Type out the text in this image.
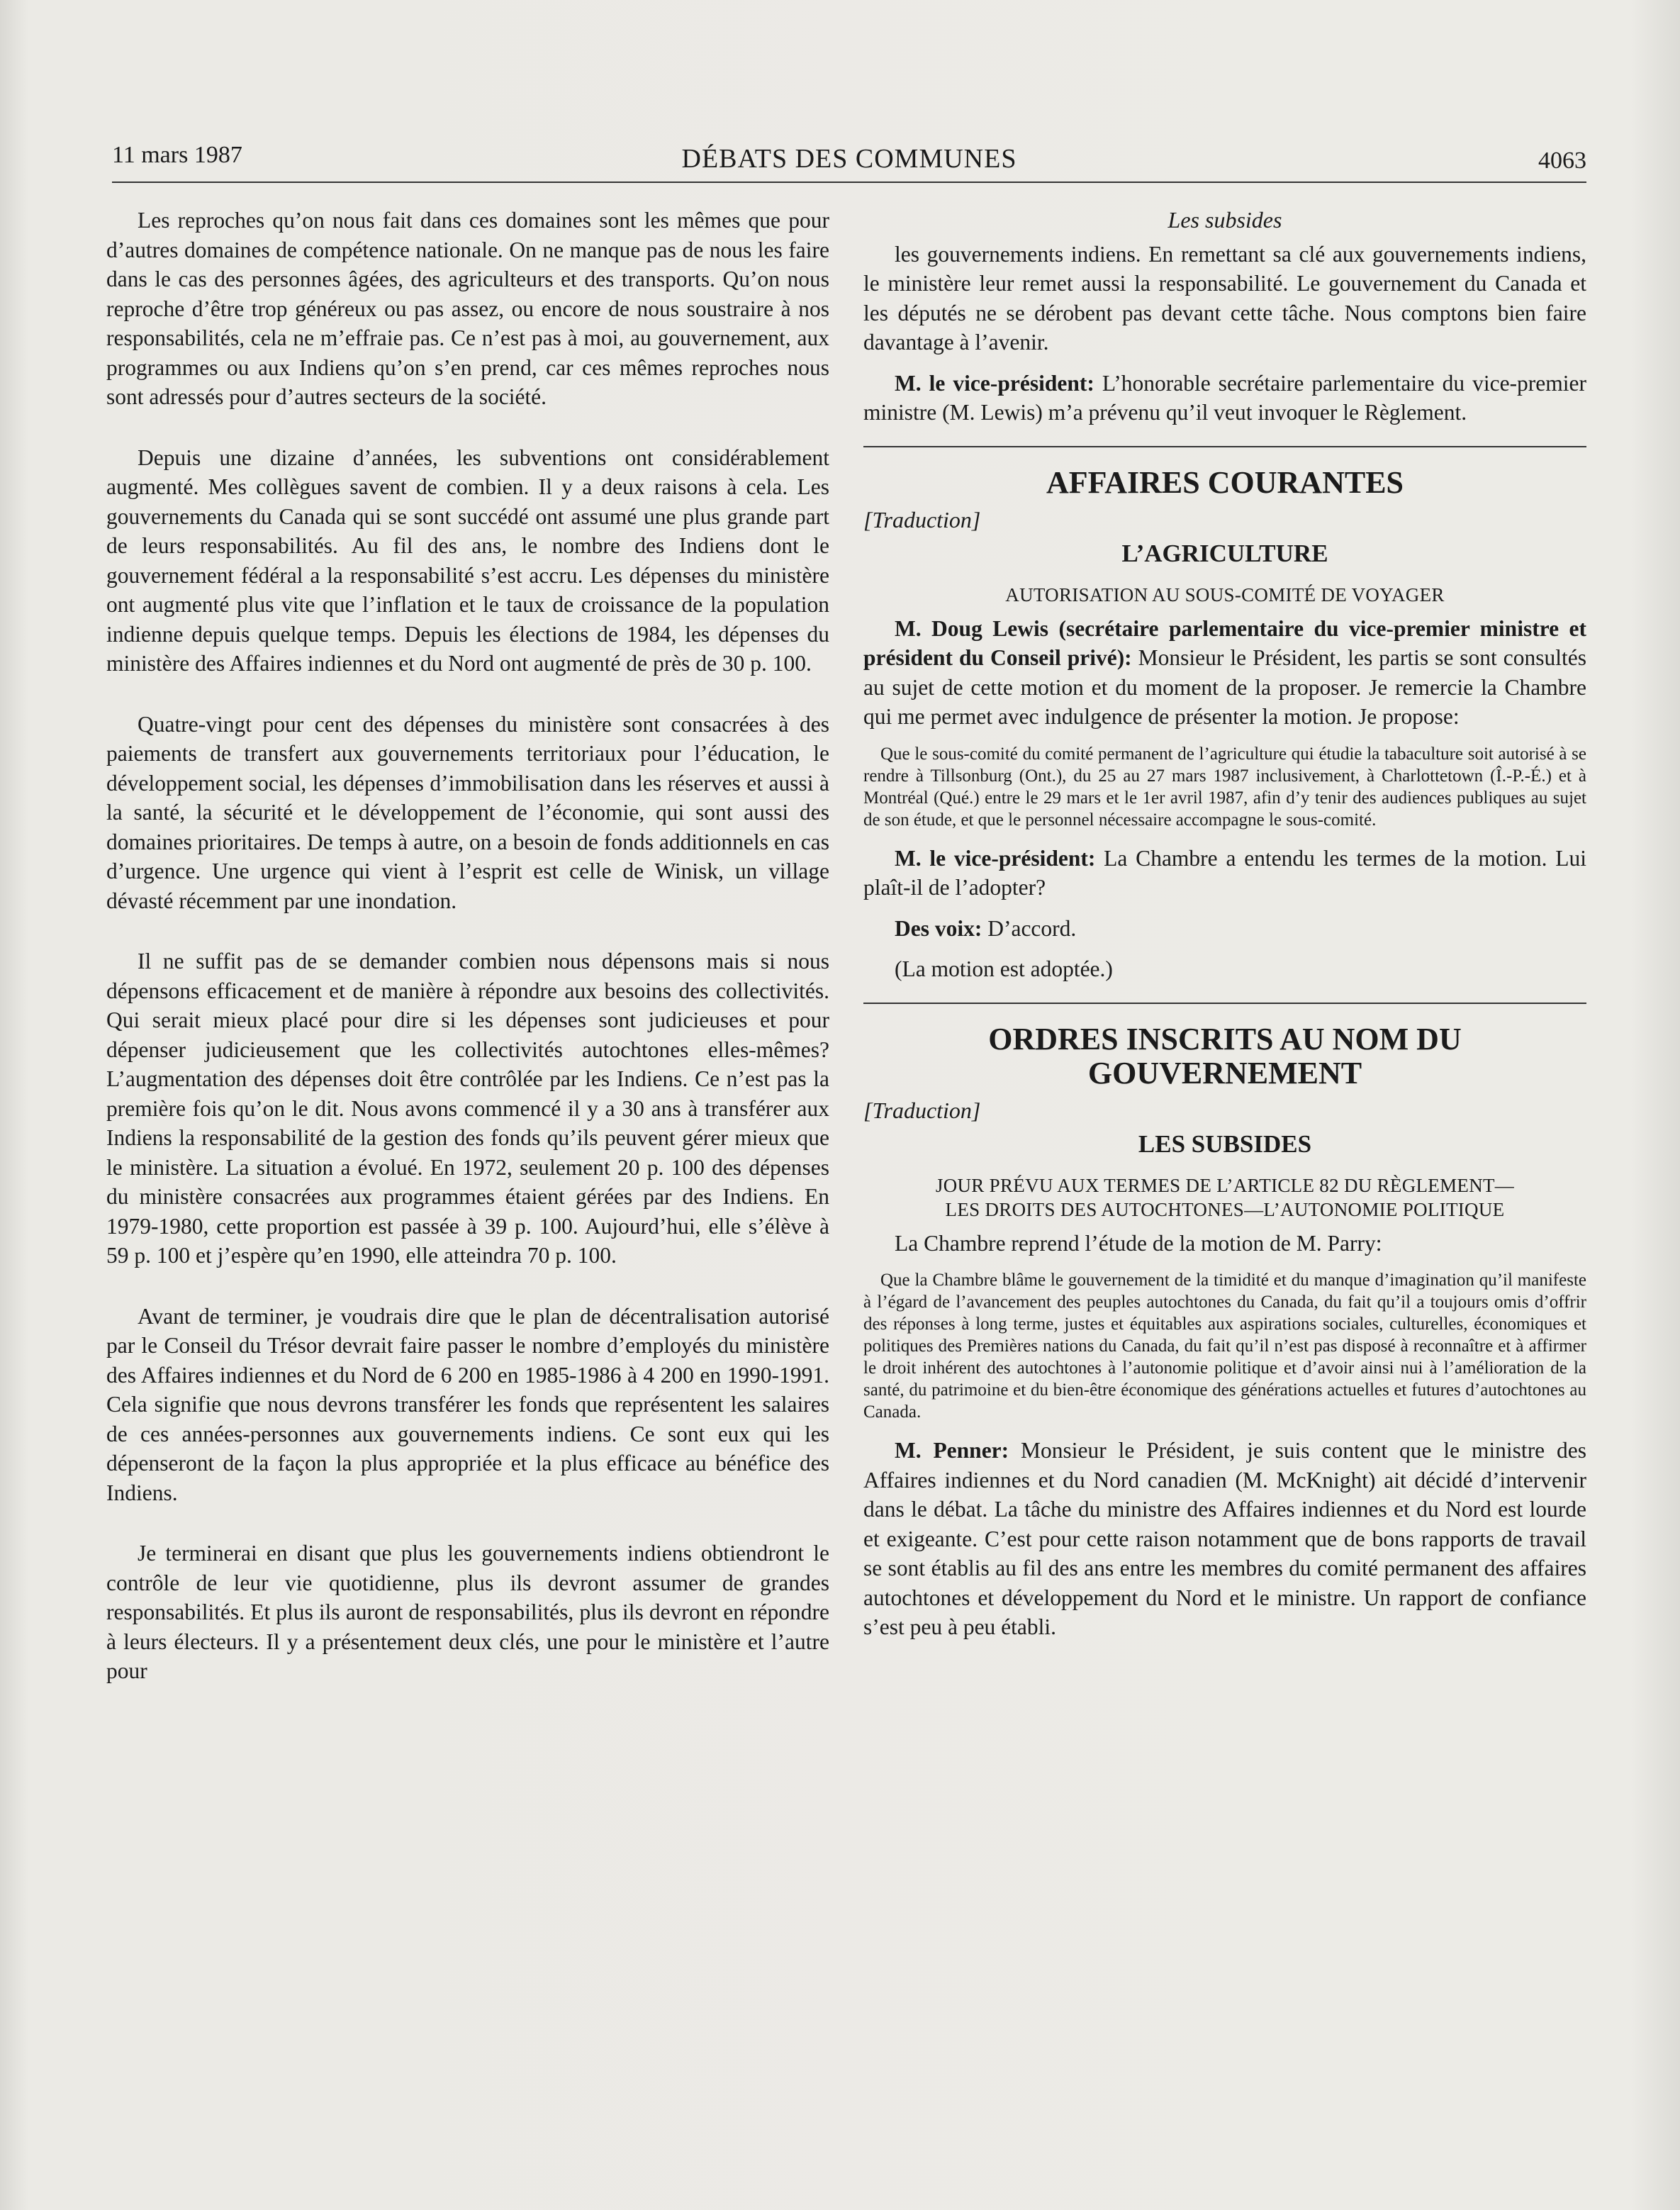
11 mars 1987	DÉBATS DES COMMUNES	4063

Les reproches qu’on nous fait dans ces domaines sont les mêmes que pour d’autres domaines de compétence nationale. On ne manque pas de nous les faire dans le cas des personnes âgées, des agriculteurs et des transports. Qu’on nous reproche d’être trop généreux ou pas assez, ou encore de nous soustraire à nos responsabilités, cela ne m’effraie pas. Ce n’est pas à moi, au gouvernement, aux programmes ou aux Indiens qu’on s’en prend, car ces mêmes reproches nous sont adressés pour d’autres secteurs de la société.

Depuis une dizaine d’années, les subventions ont considérablement augmenté. Mes collègues savent de combien. Il y a deux raisons à cela. Les gouvernements du Canada qui se sont succédé ont assumé une plus grande part de leurs responsabilités. Au fil des ans, le nombre des Indiens dont le gouvernement fédéral a la responsabilité s’est accru. Les dépenses du ministère ont augmenté plus vite que l’inflation et le taux de croissance de la population indienne depuis quelque temps. Depuis les élections de 1984, les dépenses du ministère des Affaires indiennes et du Nord ont augmenté de près de 30 p. 100.

Quatre-vingt pour cent des dépenses du ministère sont consacrées à des paiements de transfert aux gouvernements territoriaux pour l’éducation, le développement social, les dépenses d’immobilisation dans les réserves et aussi à la santé, la sécurité et le développement de l’économie, qui sont aussi des domaines prioritaires. De temps à autre, on a besoin de fonds additionnels en cas d’urgence. Une urgence qui vient à l’esprit est celle de Winisk, un village dévasté récemment par une inondation.

Il ne suffit pas de se demander combien nous dépensons mais si nous dépensons efficacement et de manière à répondre aux besoins des collectivités. Qui serait mieux placé pour dire si les dépenses sont judicieuses et pour dépenser judicieusement que les collectivités autochtones elles-mêmes? L’augmentation des dépenses doit être contrôlée par les Indiens. Ce n’est pas la première fois qu’on le dit. Nous avons commencé il y a 30 ans à transférer aux Indiens la responsabilité de la gestion des fonds qu’ils peuvent gérer mieux que le ministère. La situation a évolué. En 1972, seulement 20 p. 100 des dépenses du ministère consacrées aux programmes étaient gérées par des Indiens. En 1979-1980, cette proportion est passée à 39 p. 100. Aujourd’hui, elle s’élève à 59 p. 100 et j’espère qu’en 1990, elle atteindra 70 p. 100.

Avant de terminer, je voudrais dire que le plan de décentralisation autorisé par le Conseil du Trésor devrait faire passer le nombre d’employés du ministère des Affaires indiennes et du Nord de 6 200 en 1985-1986 à 4 200 en 1990-1991. Cela signifie que nous devrons transférer les fonds que représentent les salaires de ces années-personnes aux gouvernements indiens. Ce sont eux qui les dépenseront de la façon la plus appropriée et la plus efficace au bénéfice des Indiens.

Je terminerai en disant que plus les gouvernements indiens obtiendront le contrôle de leur vie quotidienne, plus ils devront assumer de grandes responsabilités. Et plus ils auront de responsabilités, plus ils devront en répondre à leurs électeurs. Il y a présentement deux clés, une pour le ministère et l’autre pour

Les subsides

les gouvernements indiens. En remettant sa clé aux gouvernements indiens, le ministère leur remet aussi la responsabilité. Le gouvernement du Canada et les députés ne se dérobent pas devant cette tâche. Nous comptons bien faire davantage à l’avenir.

M. le vice-président: L’honorable secrétaire parlementaire du vice-premier ministre (M. Lewis) m’a prévenu qu’il veut invoquer le Règlement.

AFFAIRES COURANTES
[Traduction]
L’AGRICULTURE
AUTORISATION AU SOUS-COMITÉ DE VOYAGER

M. Doug Lewis (secrétaire parlementaire du vice-premier ministre et président du Conseil privé): Monsieur le Président, les partis se sont consultés au sujet de cette motion et du moment de la proposer. Je remercie la Chambre qui me permet avec indulgence de présenter la motion. Je propose:

Que le sous-comité du comité permanent de l’agriculture qui étudie la tabaculture soit autorisé à se rendre à Tillsonburg (Ont.), du 25 au 27 mars 1987 inclusivement, à Charlottetown (Î.-P.-É.) et à Montréal (Qué.) entre le 29 mars et le 1er avril 1987, afin d’y tenir des audiences publiques au sujet de son étude, et que le personnel nécessaire accompagne le sous-comité.

M. le vice-président: La Chambre a entendu les termes de la motion. Lui plaît-il de l’adopter?

Des voix: D’accord.

(La motion est adoptée.)

ORDRES INSCRITS AU NOM DU GOUVERNEMENT
[Traduction]
LES SUBSIDES
JOUR PRÉVU AUX TERMES DE L’ARTICLE 82 DU RÈGLEMENT—
LES DROITS DES AUTOCHTONES—L’AUTONOMIE POLITIQUE

La Chambre reprend l’étude de la motion de M. Parry:

Que la Chambre blâme le gouvernement de la timidité et du manque d’imagination qu’il manifeste à l’égard de l’avancement des peuples autochtones du Canada, du fait qu’il a toujours omis d’offrir des réponses à long terme, justes et équitables aux aspirations sociales, culturelles, économiques et politiques des Premières nations du Canada, du fait qu’il n’est pas disposé à reconnaître et à affirmer le droit inhérent des autochtones à l’autonomie politique et d’avoir ainsi nui à l’amélioration de la santé, du patrimoine et du bien-être économique des générations actuelles et futures d’autochtones au Canada.

M. Penner: Monsieur le Président, je suis content que le ministre des Affaires indiennes et du Nord canadien (M. McKnight) ait décidé d’intervenir dans le débat. La tâche du ministre des Affaires indiennes et du Nord est lourde et exigeante. C’est pour cette raison notamment que de bons rapports de travail se sont établis au fil des ans entre les membres du comité permanent des affaires autochtones et développement du Nord et le ministre. Un rapport de confiance s’est peu à peu établi.
